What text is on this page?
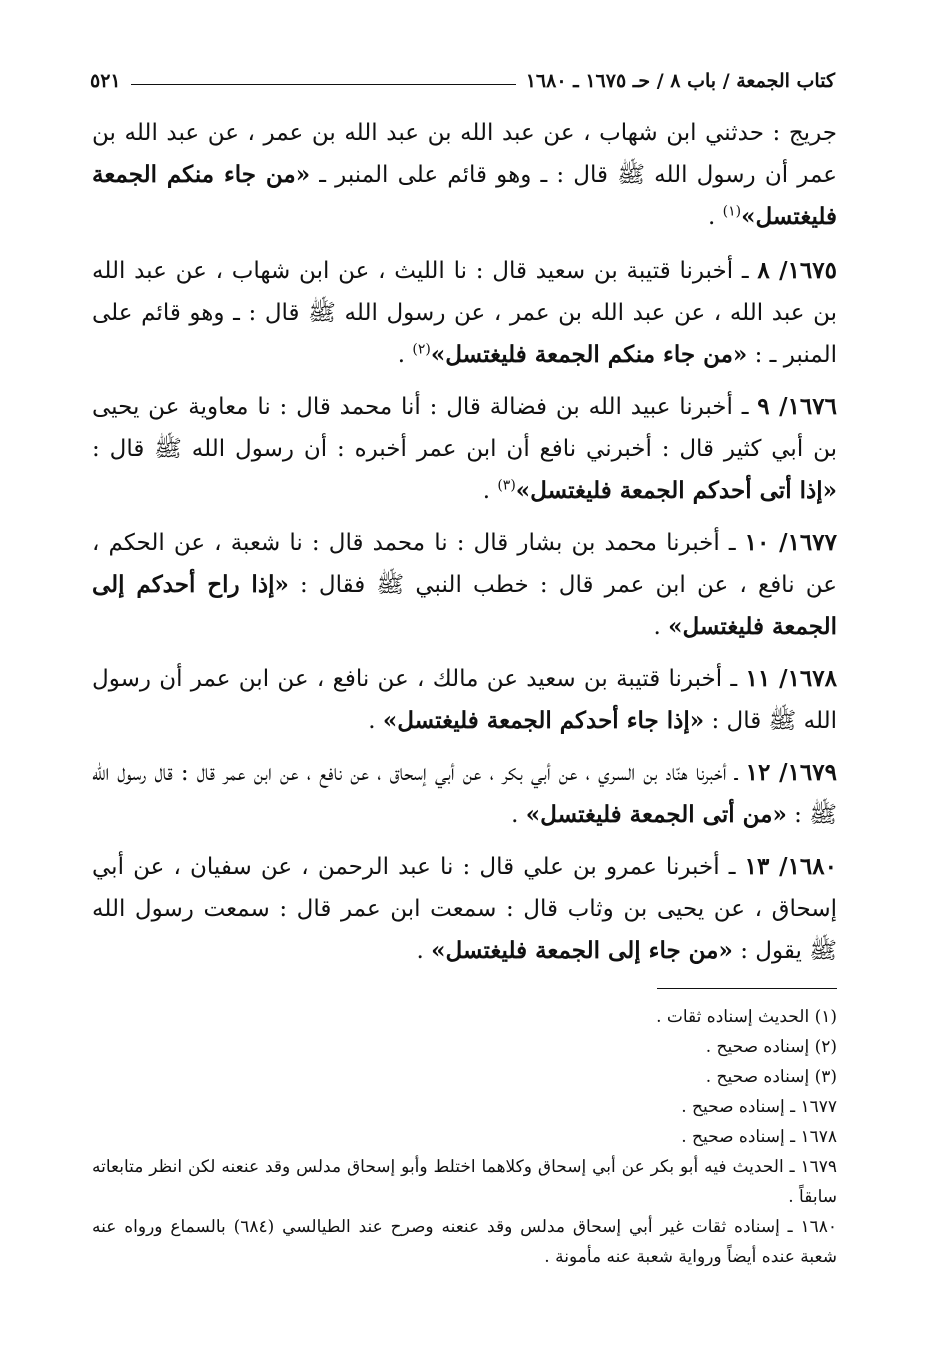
كتاب الجمعة / باب ٨ / حـ ١٦٧٥ ـ ١٦٨٠
٥٢١

جريج : حدثني ابن شهاب ، عن عبد الله بن عبد الله بن عمر ، عن عبد الله بن عمر أن رسول الله ﷺ قال : ـ وهو قائم على المنبر ـ «من جاء منكم الجمعة فليغتسل»$^{(١)}$ .

١٦٧٥/ ٨ ـ أخبرنا قتيبة بن سعيد قال : نا الليث ، عن ابن شهاب ، عن عبد الله بن عبد الله ، عن عبد الله بن عمر ، عن رسول الله ﷺ قال : ـ وهو قائم على المنبر ـ : «من جاء منكم الجمعة فليغتسل»$^{(٢)}$ .

١٦٧٦/ ٩ ـ أخبرنا عبيد الله بن فضالة قال : أنا محمد قال : نا معاوية عن يحيى بن أبي كثير قال : أخبرني نافع أن ابن عمر أخبره : أن رسول الله ﷺ قال : «إذا أتى أحدكم الجمعة فليغتسل»$^{(٣)}$ .

١٦٧٧/ ١٠ ـ أخبرنا محمد بن بشار قال : نا محمد قال : نا شعبة ، عن الحكم ، عن نافع ، عن ابن عمر قال : خطب النبي ﷺ فقال : «إذا راح أحدكم إلى الجمعة فليغتسل» .

١٦٧٨/ ١١ ـ أخبرنا قتيبة بن سعيد عن مالك ، عن نافع ، عن ابن عمر أن رسول الله ﷺ قال : «إذا جاء أحدكم الجمعة فليغتسل» .

١٦٧٩/ ١٢ ـ أخبرنا هنّاد بن السري ، عن أبي بكر ، عن أبي إسحاق ، عن نافع ، عن ابن عمر قال : قال رسول الله ﷺ : «من أتى الجمعة فليغتسل» .

١٦٨٠/ ١٣ ـ أخبرنا عمرو بن علي قال : نا عبد الرحمن ، عن سفيان ، عن أبي إسحاق ، عن يحيى بن وثاب قال : سمعت ابن عمر قال : سمعت رسول الله ﷺ يقول : «من جاء إلى الجمعة فليغتسل» .

(١) الحديث إسناده ثقات .

(٢) إسناده صحيح .

(٣) إسناده صحيح .

١٦٧٧ ـ إسناده صحيح .

١٦٧٨ ـ إسناده صحيح .

١٦٧٩ ـ الحديث فيه أبو بكر عن أبي إسحاق وكلاهما اختلط وأبو إسحاق مدلس وقد عنعنه لكن انظر متابعاته سابقاً .

١٦٨٠ ـ إسناده ثقات غير أبي إسحاق مدلس وقد عنعنه وصرح عند الطيالسي (٦٨٤) بالسماع ورواه عنه شعبة عنده أيضاً ورواية شعبة عنه مأمونة .
